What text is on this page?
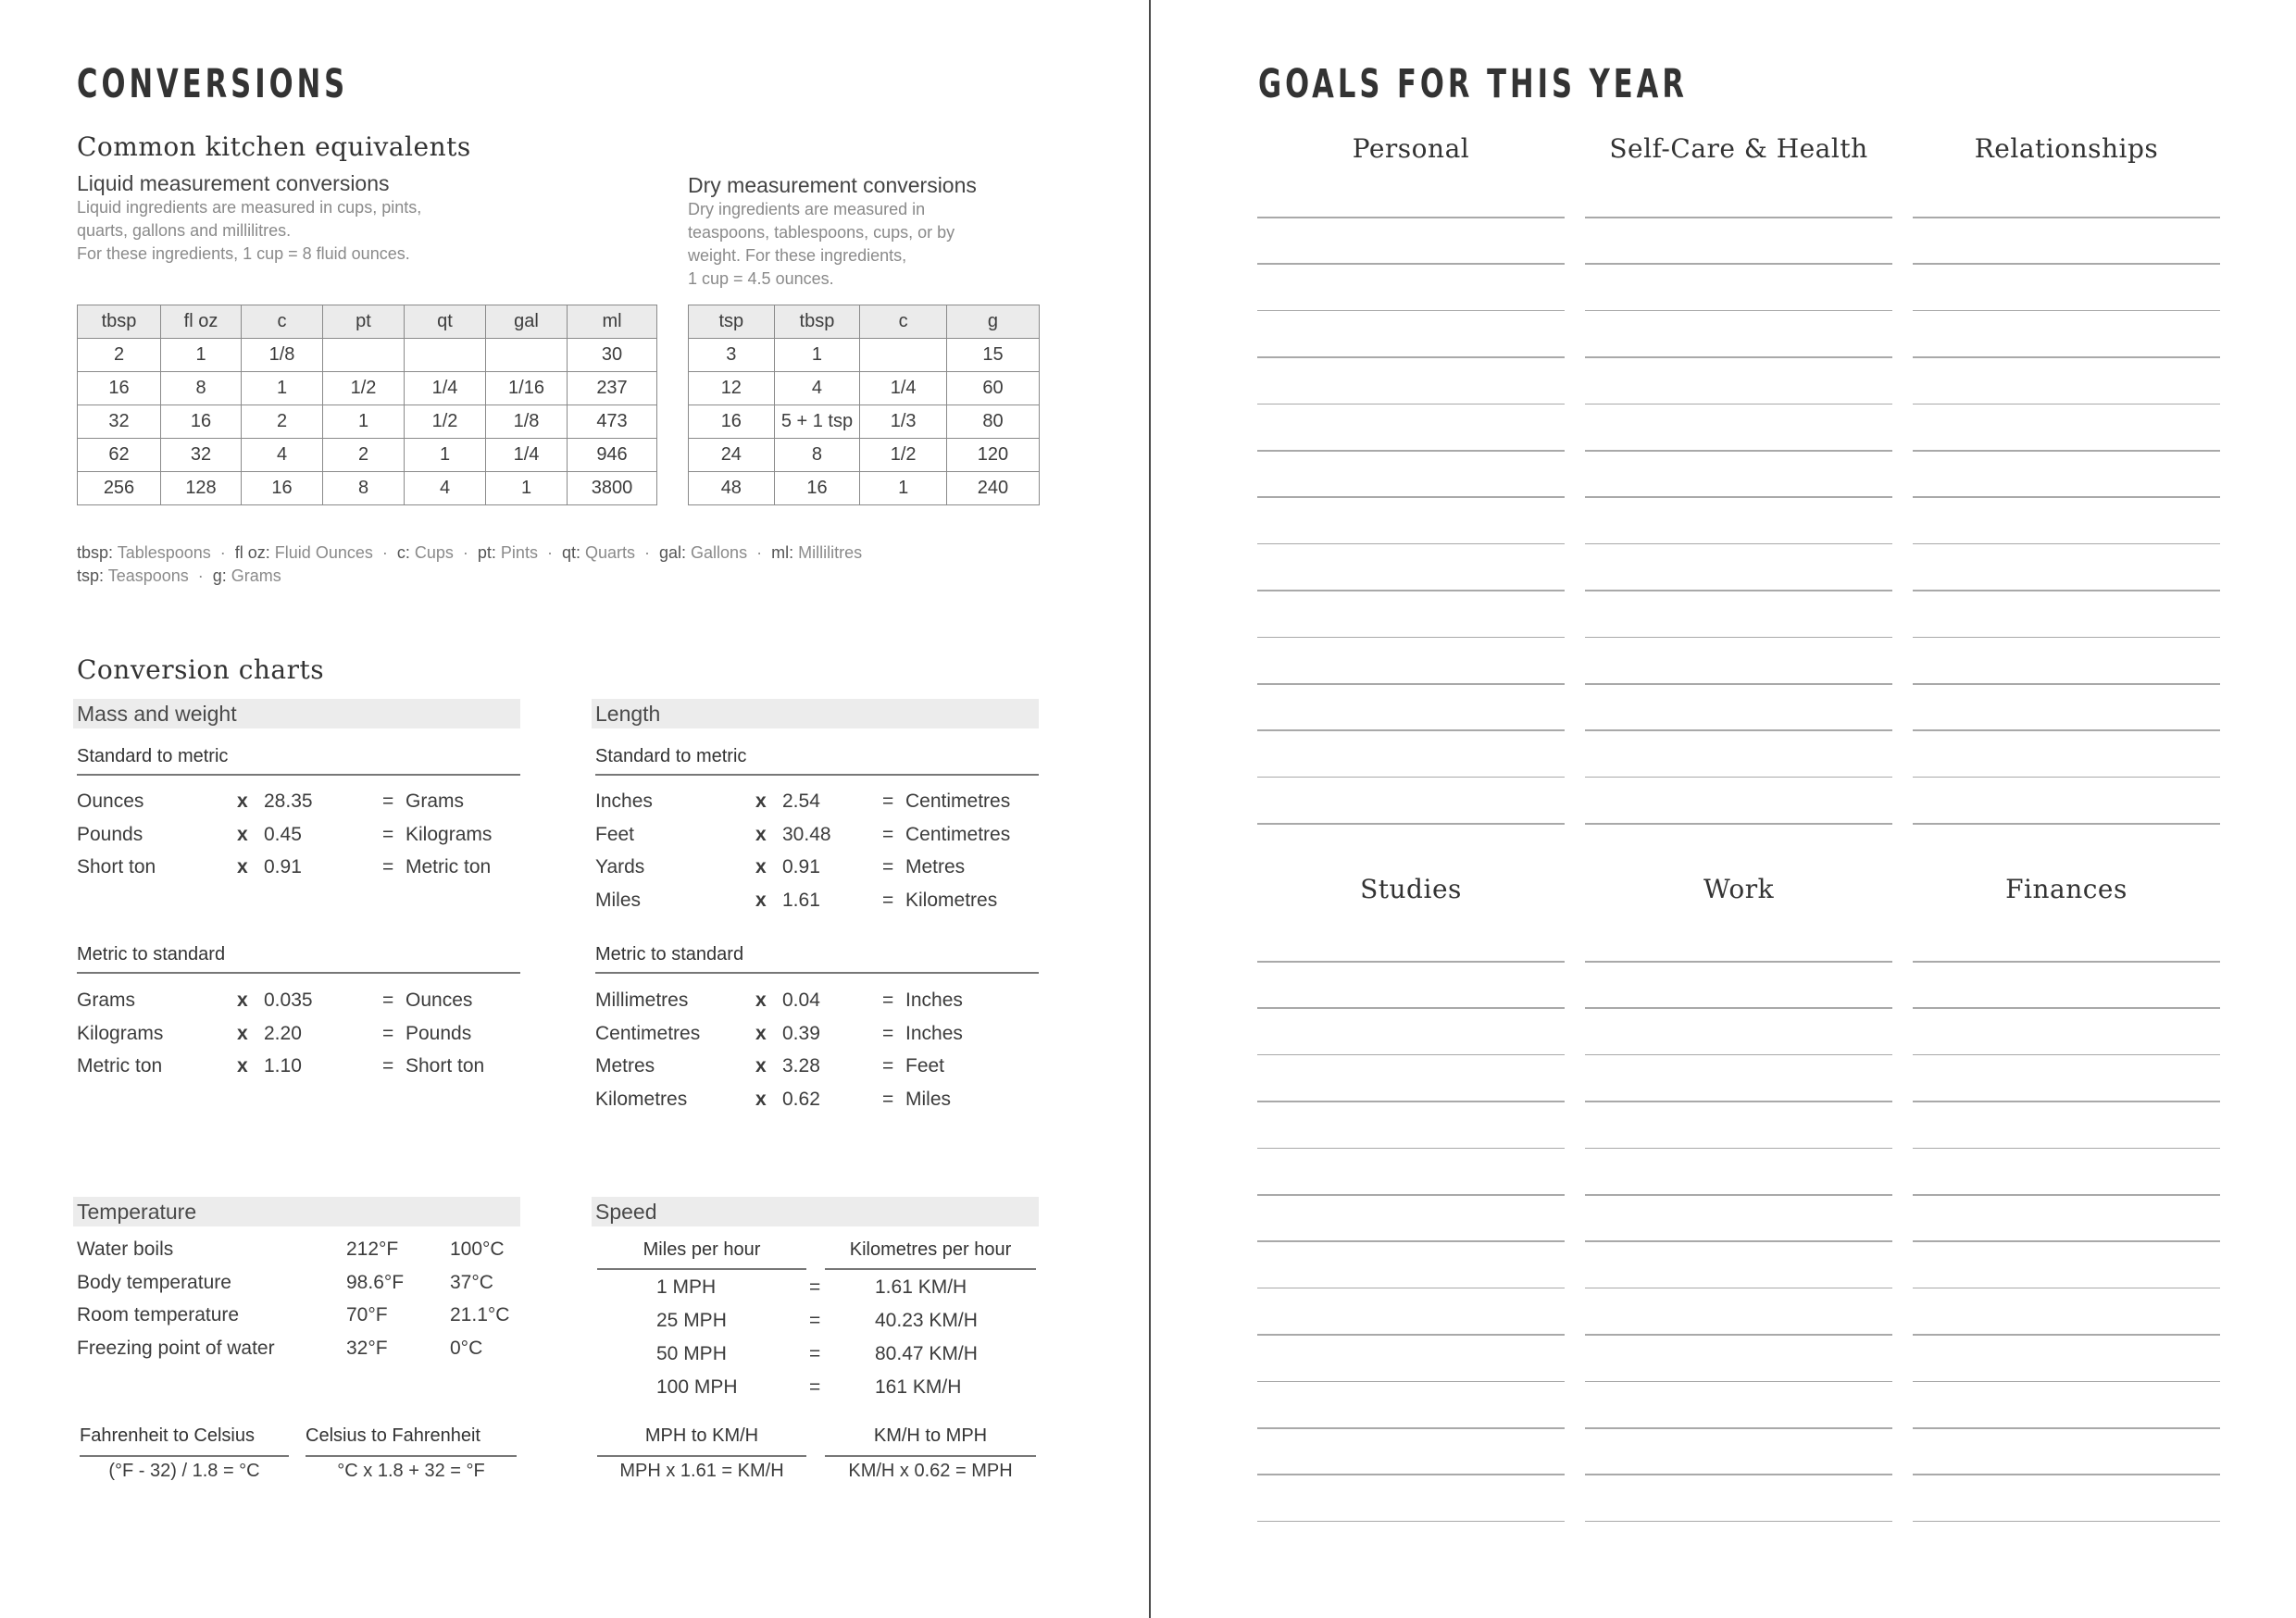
CONVERSIONS
Common kitchen equivalents
Liquid measurement conversions
Liquid ingredients are measured in cups, pints,
quarts, gallons and millilitres.
For these ingredients, 1 cup = 8 fluid ounces.
tbsp	fl oz	c	pt	qt	gal	ml
2	1	1/8				30
16	8	1	1/2	1/4	1/16	237
32	16	2	1	1/2	1/8	473
62	32	4	2	1	1/4	946
256	128	16	8	4	1	3800
Dry measurement conversions
Dry ingredients are measured in
teaspoons, tablespoons, cups, or by
weight. For these ingredients,
1 cup = 4.5 ounces.
tsp	tbsp	c	g
3	1		15
12	4	1/4	60
16	5 + 1 tsp	1/3	80
24	8	1/2	120
48	16	1	240
tbsp: Tablespoons · fl oz: Fluid Ounces · c: Cups · pt: Pints · qt: Quarts · gal: Gallons · ml: Millilitres
tsp: Teaspoons · g: Grams
Conversion charts
Mass and weight
Standard to metric
Ounces	x 28.35	= Grams
Pounds	x 0.45	= Kilograms
Short ton	x 0.91	= Metric ton
Metric to standard
Grams	x 0.035	= Ounces
Kilograms	x 2.20	= Pounds
Metric ton	x 1.10	= Short ton
Length
Standard to metric
Inches	x 2.54	= Centimetres
Feet	x 30.48	= Centimetres
Yards	x 0.91	= Metres
Miles	x 1.61	= Kilometres
Metric to standard
Millimetres	x 0.04	= Inches
Centimetres	x 0.39	= Inches
Metres	x 3.28	= Feet
Kilometres	x 0.62	= Miles
Temperature
Water boils	212°F	100°C
Body temperature	98.6°F 37°C
Room temperature	70°F	21.1°C
Freezing point of water	32°F	0°C
Fahrenheit to Celsius
(°F - 32) / 1.8 = °C
Celsius to Fahrenheit
°C x 1.8 + 32 = °F
Speed
Miles per hour	Kilometres per hour
1 MPH	=	1.61 KM/H
25 MPH	=	40.23 KM/H
50 MPH	=	80.47 KM/H
100 MPH	=	161 KM/H
MPH to KM/H
MPH x 1.61 = KM/H
KM/H to MPH
KM/H x 0.62 = MPH
GOALS FOR THIS YEAR
Personal	Self-Care & Health	Relationships
Studies	Work	Finances
